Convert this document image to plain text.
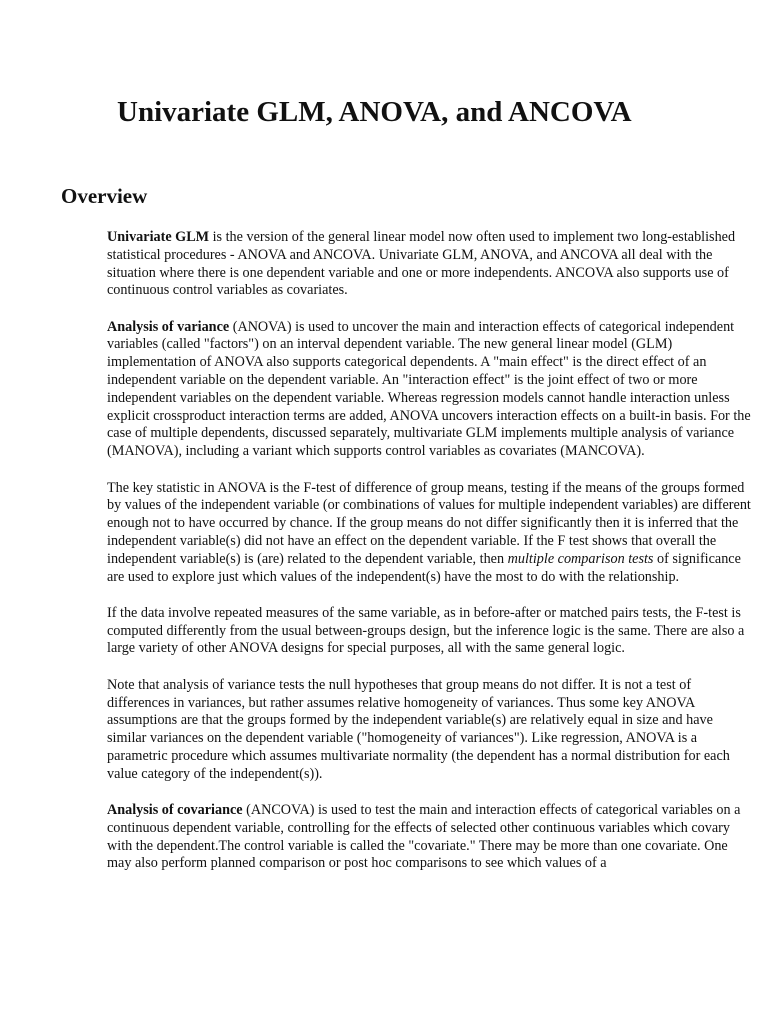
Univariate GLM, ANOVA, and ANCOVA
Overview

Univariate GLM is the version of the general linear model now often used to implement two long-established statistical procedures - ANOVA and ANCOVA. Univariate GLM, ANOVA, and ANCOVA all deal with the situation where there is one dependent variable and one or more independents. ANCOVA also supports use of continuous control variables as covariates.

Analysis of variance (ANOVA) is used to uncover the main and interaction effects of categorical independent variables (called "factors") on an interval dependent variable. The new general linear model (GLM) implementation of ANOVA also supports categorical dependents. A "main effect" is the direct effect of an independent variable on the dependent variable. An "interaction effect" is the joint effect of two or more independent variables on the dependent variable. Whereas regression models cannot handle interaction unless explicit crossproduct interaction terms are added, ANOVA uncovers interaction effects on a built-in basis. For the case of multiple dependents, discussed separately, multivariate GLM implements multiple analysis of variance (MANOVA), including a variant which supports control variables as covariates (MANCOVA).

The key statistic in ANOVA is the F-test of difference of group means, testing if the means of the groups formed by values of the independent variable (or combinations of values for multiple independent variables) are different enough not to have occurred by chance. If the group means do not differ significantly then it is inferred that the independent variable(s) did not have an effect on the dependent variable. If the F test shows that overall the independent variable(s) is (are) related to the dependent variable, then multiple comparison tests of significance are used to explore just which values of the independent(s) have the most to do with the relationship.

If the data involve repeated measures of the same variable, as in before-after or matched pairs tests, the F-test is computed differently from the usual between-groups design, but the inference logic is the same. There are also a large variety of other ANOVA designs for special purposes, all with the same general logic.

Note that analysis of variance tests the null hypotheses that group means do not differ. It is not a test of differences in variances, but rather assumes relative homogeneity of variances. Thus some key ANOVA assumptions are that the groups formed by the independent variable(s) are relatively equal in size and have similar variances on the dependent variable ("homogeneity of variances"). Like regression, ANOVA is a parametric procedure which assumes multivariate normality (the dependent has a normal distribution for each value category of the independent(s)).

Analysis of covariance (ANCOVA) is used to test the main and interaction effects of categorical variables on a continuous dependent variable, controlling for the effects of selected other continuous variables which covary with the dependent.The control variable is called the "covariate." There may be more than one covariate. One may also perform planned comparison or post hoc comparisons to see which values of a
